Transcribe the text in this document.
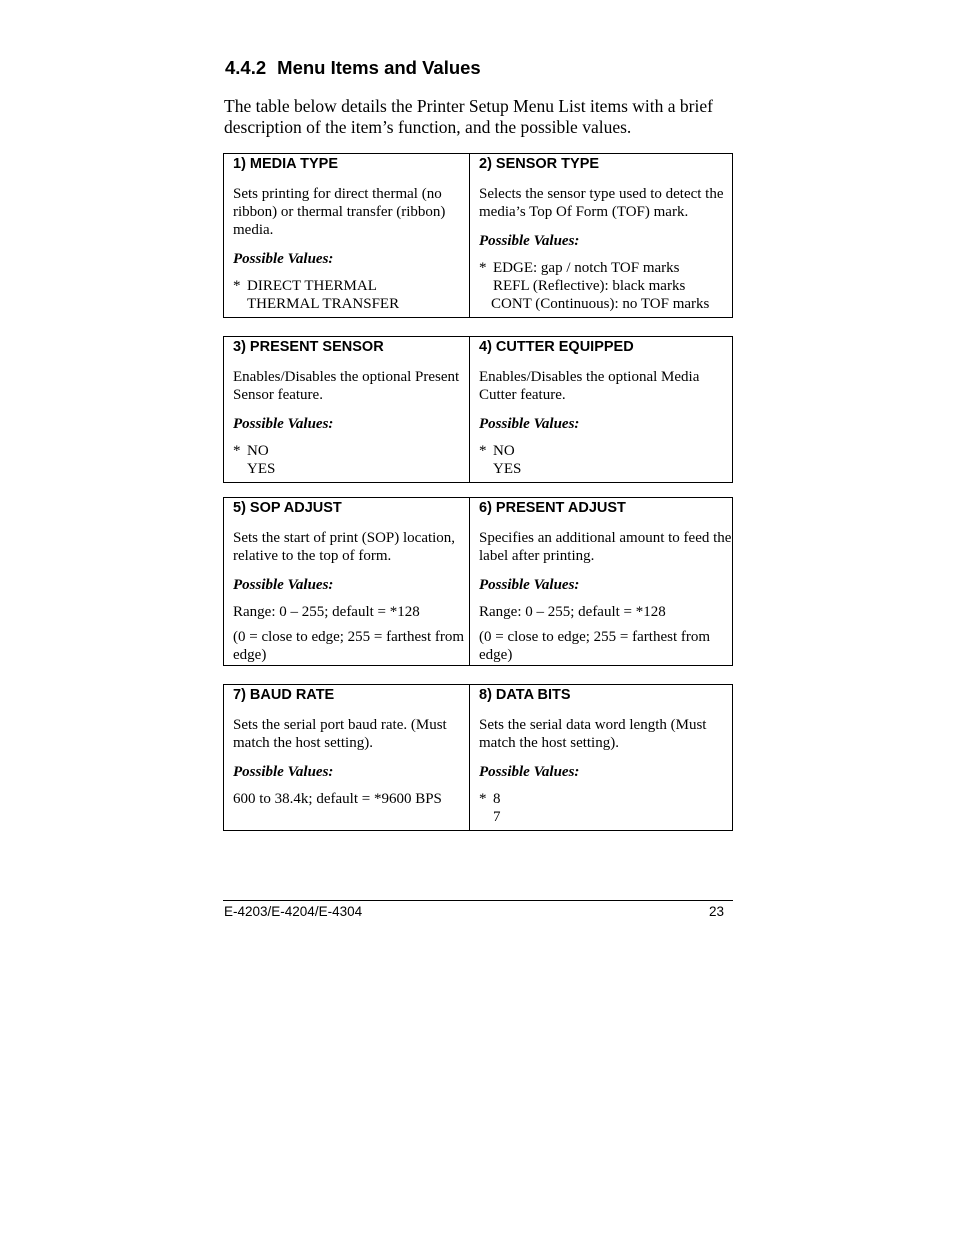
4.4.2 Menu Items and Values

The table below details the Printer Setup Menu List items with a brief description of the item’s function, and the possible values.

1) MEDIA TYPE

Sets printing for direct thermal (no ribbon) or thermal transfer (ribbon) media.

Possible Values:

* DIRECT THERMAL
THERMAL TRANSFER

2) SENSOR TYPE

Selects the sensor type used to detect the media’s Top Of Form (TOF) mark.

Possible Values:

* EDGE: gap / notch TOF marks
REFL (Reflective): black marks
CONT (Continuous): no TOF marks

3) PRESENT SENSOR

Enables/Disables the optional Present Sensor feature.

Possible Values:

* NO
YES

4) CUTTER EQUIPPED

Enables/Disables the optional Media Cutter feature.

Possible Values:

* NO
YES

5) SOP ADJUST

Sets the start of print (SOP) location, relative to the top of form.

Possible Values:

Range: 0 – 255; default = *128

(0 = close to edge; 255 = farthest from edge)

6) PRESENT ADJUST

Specifies an additional amount to feed the label after printing.

Possible Values:

Range: 0 – 255; default = *128

(0 = close to edge; 255 = farthest from edge)

7) BAUD RATE

Sets the serial port baud rate. (Must match the host setting).

Possible Values:

600 to 38.4k; default = *9600 BPS

8) DATA BITS

Sets the serial data word length (Must match the host setting).

Possible Values:

* 8
7
E-4203/E-4204/E-4304	23
